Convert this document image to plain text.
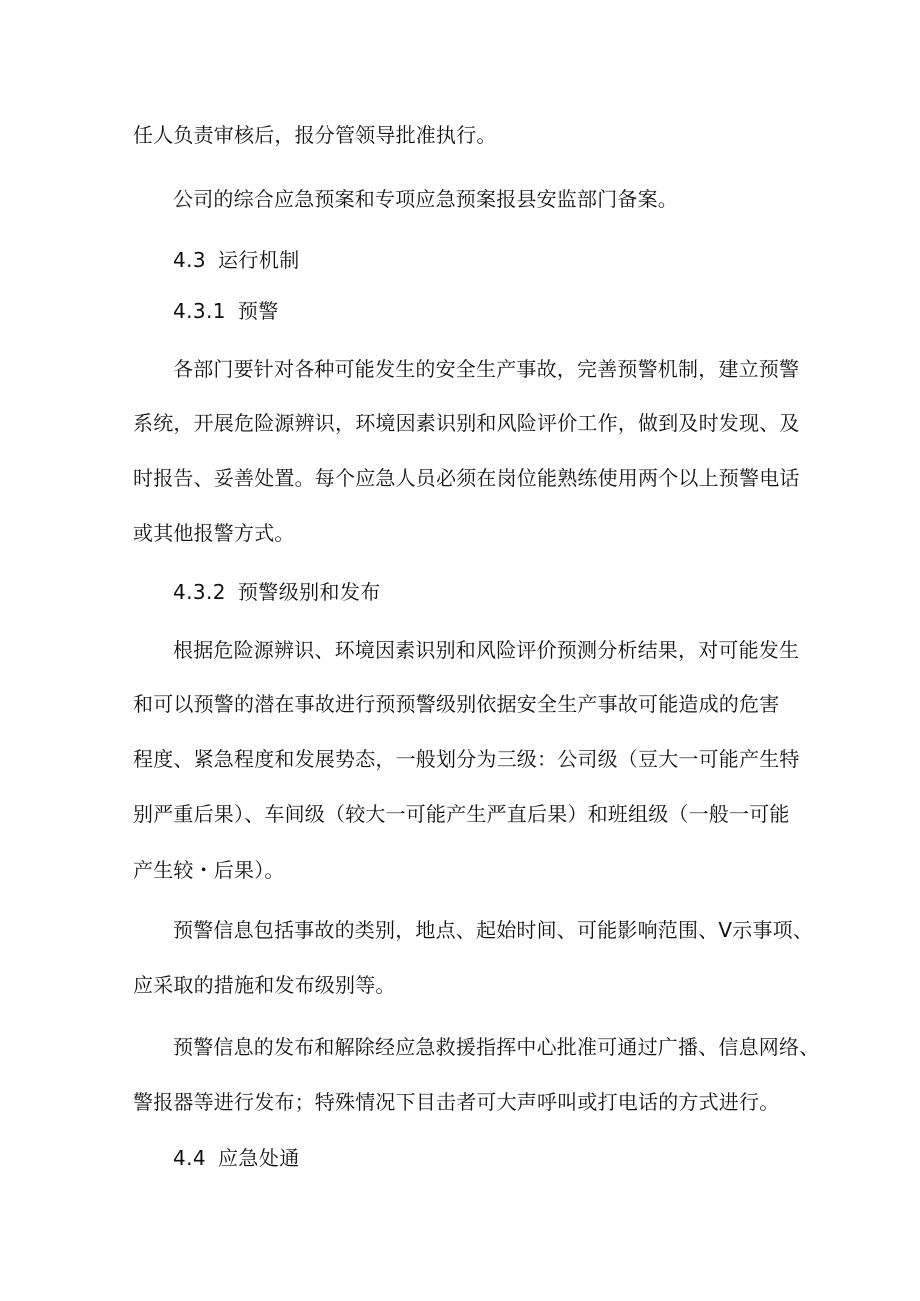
任人负责审核后，报分管领导批准执行。
公司的综合应急预案和专项应急预案报县安监部门备案。
4.3 运行机制
4.3.1 预警
各部门要针对各种可能发生的安全生产事故，完善预警机制，建立预警
系统，开展危险源辨识，环境因素识别和风险评价工作，做到及时发现、及
时报告、妥善处置。每个应急人员必须在岗位能熟练使用两个以上预警电话
或其他报警方式。
4.3.2 预警级别和发布
根据危险源辨识、环境因素识别和风险评价预测分析结果，对可能发生
和可以预警的潜在事故进行预预警级别依据安全生产事故可能造成的危害
程度、紧急程度和发展势态，一般划分为三级：公司级（豆大一可能产生特
别严重后果）、车间级（较大一可能产生严直后果）和班组级（一般一可能
产生较・后果）。
预警信息包括事故的类别，地点、起始时间、可能影响范围、V示事项、
应采取的措施和发布级别等。
预警信息的发布和解除经应急救援指挥中心批准可通过广播、信息网络、
警报器等进行发布；特殊情况下目击者可大声呼叫或打电话的方式进行。
4.4 应急处通
